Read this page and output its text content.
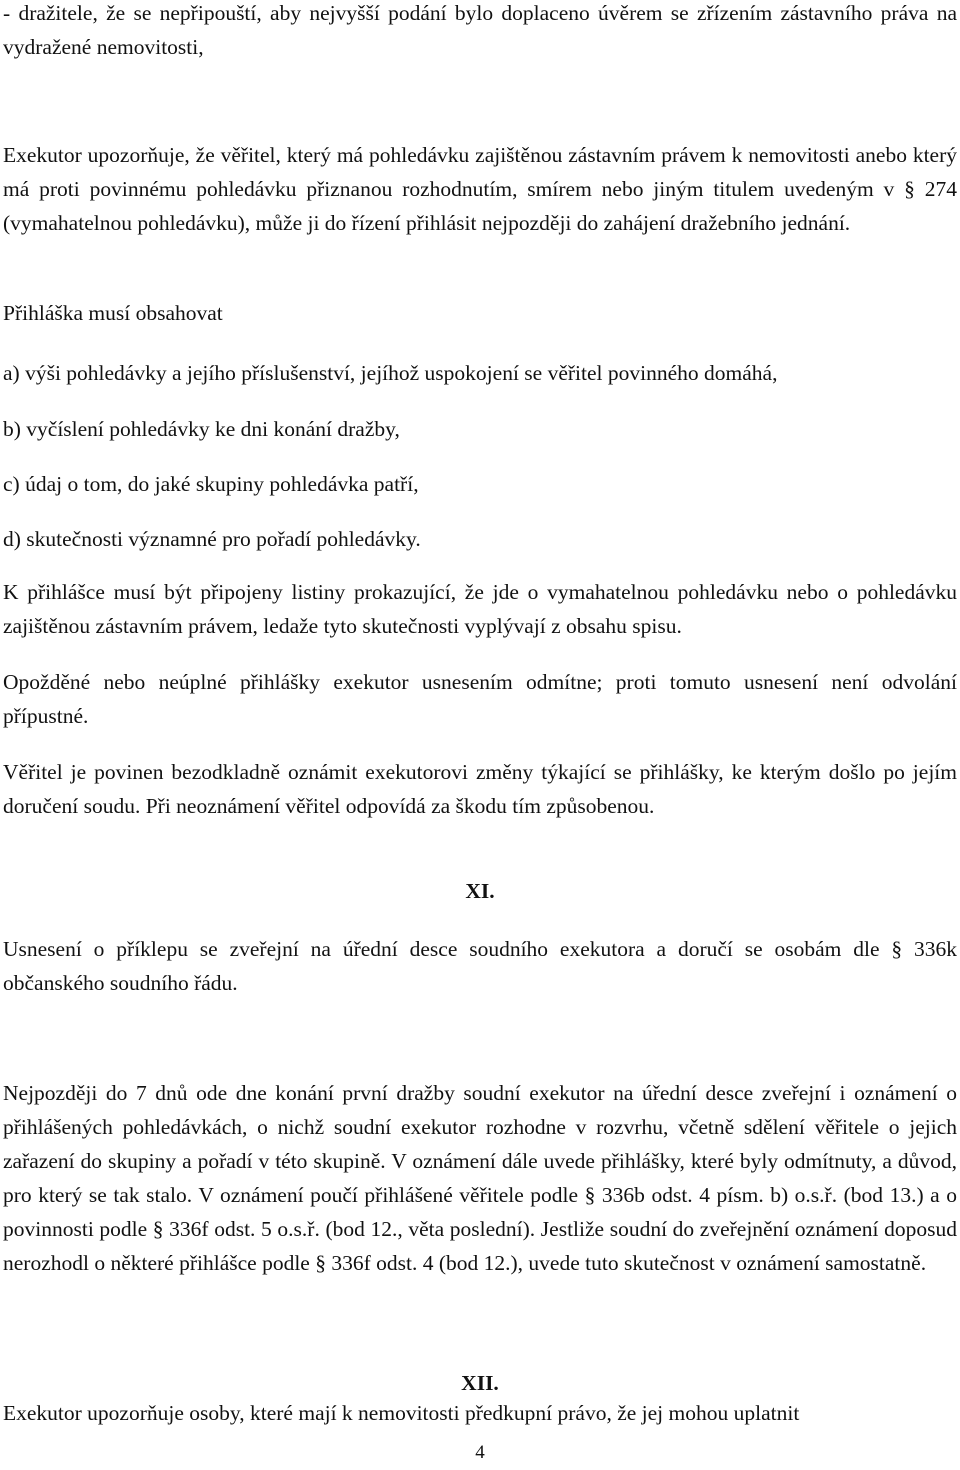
- dražitele, že se nepřipouští, aby nejvyšší podání bylo doplaceno úvěrem se zřízením zástavního práva na vydražené nemovitosti,

Exekutor upozorňuje, že věřitel, který má pohledávku zajištěnou zástavním právem k nemovitosti anebo který má proti povinnému pohledávku přiznanou rozhodnutím, smírem nebo jiným titulem uvedeným v § 274 (vymahatelnou pohledávku), může ji do řízení přihlásit nejpozději do zahájení dražebního jednání.

Přihláška musí obsahovat

a) výši pohledávky a jejího příslušenství, jejíhož uspokojení se věřitel povinného domáhá,

b) vyčíslení pohledávky ke dni konání dražby,

c) údaj o tom, do jaké skupiny pohledávka patří,

d) skutečnosti významné pro pořadí pohledávky.

K přihlášce musí být připojeny listiny prokazující, že jde o vymahatelnou pohledávku nebo o pohledávku zajištěnou zástavním právem, ledaže tyto skutečnosti vyplývají z obsahu spisu.

Opožděné nebo neúplné přihlášky exekutor usnesením odmítne; proti tomuto usnesení není odvolání přípustné.

Věřitel je povinen bezodkladně oznámit exekutorovi změny týkající se přihlášky, ke kterým došlo po jejím doručení soudu. Při neoznámení věřitel odpovídá za škodu tím způsobenou.

XI.

Usnesení o příklepu se zveřejní na úřední desce soudního exekutora a doručí se osobám dle § 336k občanského soudního řádu.

Nejpozději do 7 dnů ode dne konání první dražby soudní exekutor na úřední desce zveřejní i oznámení o přihlášených pohledávkách, o nichž soudní exekutor rozhodne v rozvrhu, včetně sdělení věřitele o jejich zařazení do skupiny a pořadí v této skupině. V oznámení dále uvede přihlášky, které byly odmítnuty, a důvod, pro který se tak stalo. V oznámení poučí přihlášené věřitele podle § 336b odst. 4 písm. b) o.s.ř. (bod 13.) a o povinnosti podle § 336f odst. 5 o.s.ř. (bod 12., věta poslední). Jestliže soudní do zveřejnění oznámení doposud nerozhodl o některé přihlášce podle § 336f odst. 4 (bod 12.), uvede tuto skutečnost v oznámení samostatně.

XII.

Exekutor upozorňuje osoby, které mají k nemovitosti předkupní právo, že jej mohou uplatnit

4
